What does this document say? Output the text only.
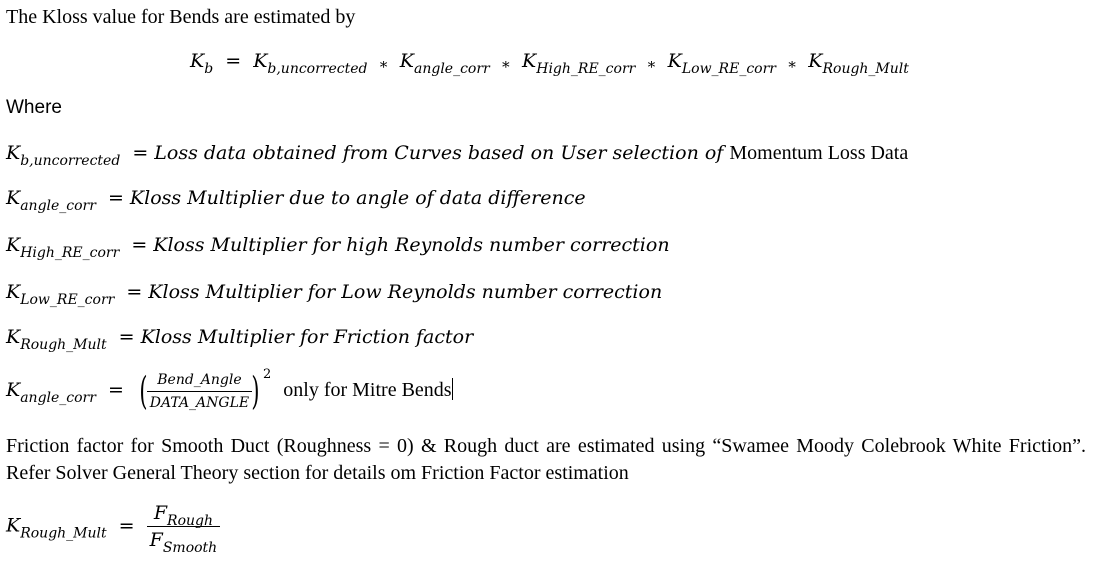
The Kloss value for Bends are estimated by
$K_b = K_{b,uncorrected}$ ∗ $K_{angle\_corr}$ ∗ $K_{High\_RE\_corr}$ ∗ $K_{Low\_RE\_corr}$ ∗ $K_{Rough\_Mult}$
Where
$K_{b,uncorrected}$ = Loss data obtained from Curves based on User selection of Momentum Loss Data
$K_{angle\_corr}$ = Kloss Multiplier due to angle of data difference
$K_{High\_RE\_corr}$ = Kloss Multiplier for high Reynolds number correction
$K_{Low\_RE\_corr}$ = Kloss Multiplier for Low Reynolds number correction
$K_{Rough\_Mult}$ = Kloss Multiplier for Friction factor
$K_{angle\_corr}$ = ( $\frac{\text{Bend\_Angle}}{\text{DATA\_ANGLE}}$ ) $^2$ only for Mitre Bends
Friction factor for Smooth Duct (Roughness = 0) & Rough duct are estimated using “Swamee Moody Colebrook White Friction”. Refer Solver General Theory section for details om Friction Factor estimation
$K_{Rough\_Mult} = \frac{F_{Rough}}{F_{Smooth}}$
